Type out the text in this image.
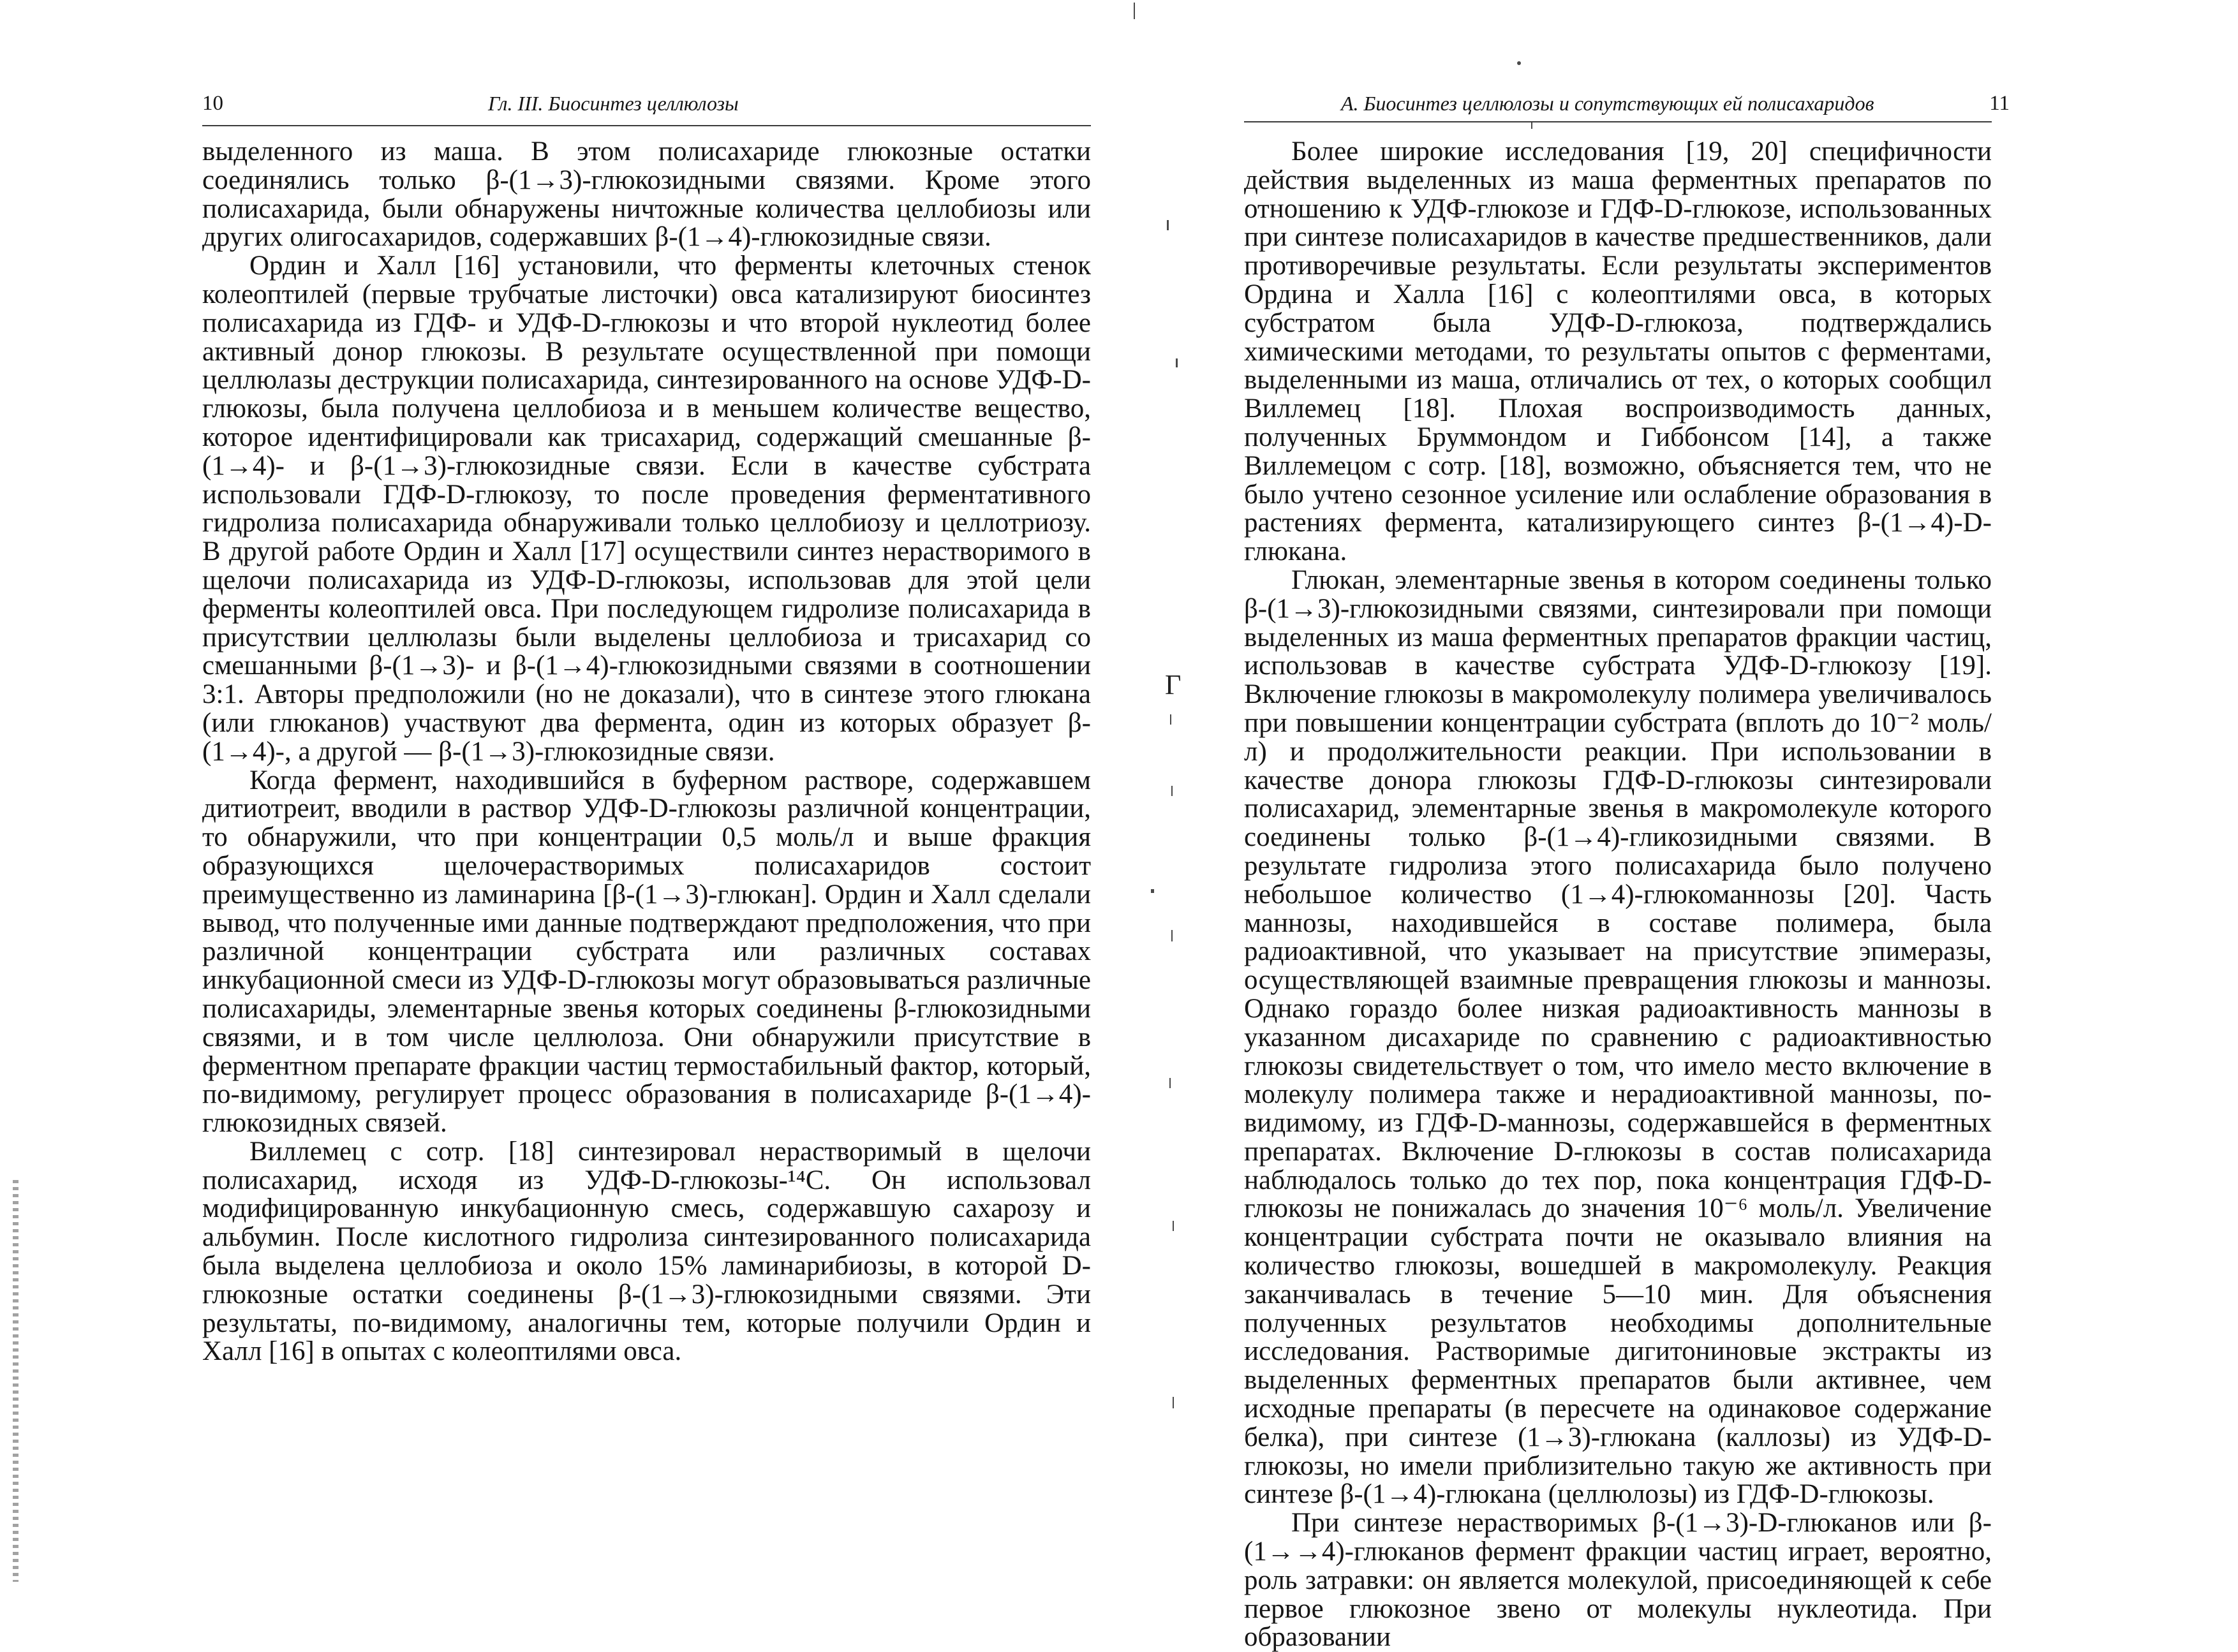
Γ
10	Гл. III. Биосинтез целлюлозы

выделенного из маша. В этом полисахариде глюкозные остатки соединялись только β-(1→3)-глюкозидными связями. Кроме этого полисахарида, были обнаружены ничтожные количества целлобиозы или других олигосахаридов, содержавших β-(1→4)-глюкозидные связи.

Ордин и Халл [16] установили, что ферменты клеточных стенок колеоптилей (первые трубчатые листочки) овса катализируют биосинтез полисахарида из ГДФ- и УДФ-D-глюкозы и что второй нуклеотид более активный донор глюкозы. В результате осуществленной при помощи целлюлазы деструкции полисахарида, синтезированного на основе УДФ-D-глюкозы, была получена целлобиоза и в меньшем количестве вещество, которое идентифицировали как трисахарид, содержащий смешанные β-(1→4)- и β-(1→3)-глюкозидные связи. Если в качестве субстрата использовали ГДФ-D-глюкозу, то после проведения ферментативного гидролиза полисахарида обнаруживали только целлобиозу и целлотриозу. В другой работе Ордин и Халл [17] осуществили синтез нерастворимого в щелочи полисахарида из УДФ-D-глюкозы, использовав для этой цели ферменты колеоптилей овса. При последующем гидролизе полисахарида в присутствии целлюлазы были выделены целлобиоза и трисахарид со смешанными β-(1→3)- и β-(1→4)-глюкозидными связями в соотношении 3:1. Авторы предположили (но не доказали), что в синтезе этого глюкана (или глюканов) участвуют два фермента, один из которых образует β-(1→4)-, а другой — β-(1→3)-глюкозидные связи.

Когда фермент, находившийся в буферном растворе, содержавшем дитиотреит, вводили в раствор УДФ-D-глюкозы различной концентрации, то обнаружили, что при концентрации 0,5 моль/л и выше фракция образующихся щелочерастворимых полисахаридов состоит преимущественно из ламинарина [β-(1→3)-глюкан]. Ордин и Халл сделали вывод, что полученные ими данные подтверждают предположения, что при различной концентрации субстрата или различных составах инкубационной смеси из УДФ-D-глюкозы могут образовываться различные полисахариды, элементарные звенья которых соединены β-глюкозидными связями, и в том числе целлюлоза. Они обнаружили присутствие в ферментном препарате фракции частиц термостабильный фактор, который, по-видимому, регулирует процесс образования в полисахариде β-(1→4)-глюкозидных связей.

Виллемец с сотр. [18] синтезировал нерастворимый в щелочи полисахарид, исходя из УДФ-D-глюкозы-¹⁴C. Он использовал модифицированную инкубационную смесь, содержавшую сахарозу и альбумин. После кислотного гидролиза синтезированного полисахарида была выделена целлобиоза и около 15% ламинарибиозы, в которой D-глюкозные остатки соединены β-(1→3)-глюкозидными связями. Эти результаты, по-видимому, аналогичны тем, которые получили Ордин и Халл [16] в опытах с колеоптилями овса.

А. Биосинтез целлюлозы и сопутствующих ей полисахаридов	11

Более широкие исследования [19, 20] специфичности действия выделенных из маша ферментных препаратов по отношению к УДФ-глюкозе и ГДФ-D-глюкозе, использованных при синтезе полисахаридов в качестве предшественников, дали противоречивые результаты. Если результаты экспериментов Ордина и Халла [16] с колеоптилями овса, в которых субстратом была УДФ-D-глюкоза, подтверждались химическими методами, то результаты опытов с ферментами, выделенными из маша, отличались от тех, о которых сообщил Виллемец [18]. Плохая воспроизводимость данных, полученных Бруммондом и Гиббонсом [14], а также Виллемецом с сотр. [18], возможно, объясняется тем, что не было учтено сезонное усиление или ослабление образования в растениях фермента, катализирующего синтез β-(1→4)-D-глюкана.

Глюкан, элементарные звенья в котором соединены только β-(1→3)-глюкозидными связями, синтезировали при помощи выделенных из маша ферментных препаратов фракции частиц, использовав в качестве субстрата УДФ-D-глюкозу [19]. Включение глюкозы в макромолекулу полимера увеличивалось при повышении концентрации субстрата (вплоть до 10⁻² моль/л) и продолжительности реакции. При использовании в качестве донора глюкозы ГДФ-D-глюкозы синтезировали полисахарид, элементарные звенья в макромолекуле которого соединены только β-(1→4)-гликозидными связями. В результате гидролиза этого полисахарида было получено небольшое количество (1→4)-глюкоманнозы [20]. Часть маннозы, находившейся в составе полимера, была радиоактивной, что указывает на присутствие эпимеразы, осуществляющей взаимные превращения глюкозы и маннозы. Однако гораздо более низкая радиоактивность маннозы в указанном дисахариде по сравнению с радиоактивностью глюкозы свидетельствует о том, что имело место включение в молекулу полимера также и нерадиоактивной маннозы, по-видимому, из ГДФ-D-маннозы, содержавшейся в ферментных препаратах. Включение D-глюкозы в состав полисахарида наблюдалось только до тех пор, пока концентрация ГДФ-D-глюкозы не понижалась до значения 10⁻⁶ моль/л. Увеличение концентрации субстрата почти не оказывало влияния на количество глюкозы, вошедшей в макромолекулу. Реакция заканчивалась в течение 5—10 мин. Для объяснения полученных результатов необходимы дополнительные исследования. Растворимые дигитониновые экстракты из выделенных ферментных препаратов были активнее, чем исходные препараты (в пересчете на одинаковое содержание белка), при синтезе (1→3)-глюкана (каллозы) из УДФ-D-глюкозы, но имели приблизительно такую же активность при синтезе β-(1→4)-глюкана (целлюлозы) из ГДФ-D-глюкозы.

При синтезе нерастворимых β-(1→3)-D-глюканов или β-(1→→4)-глюканов фермент фракции частиц играет, вероятно, роль затравки: он является молекулой, присоединяющей к себе первое глюкозное звено от молекулы нуклеотида. При образовании
